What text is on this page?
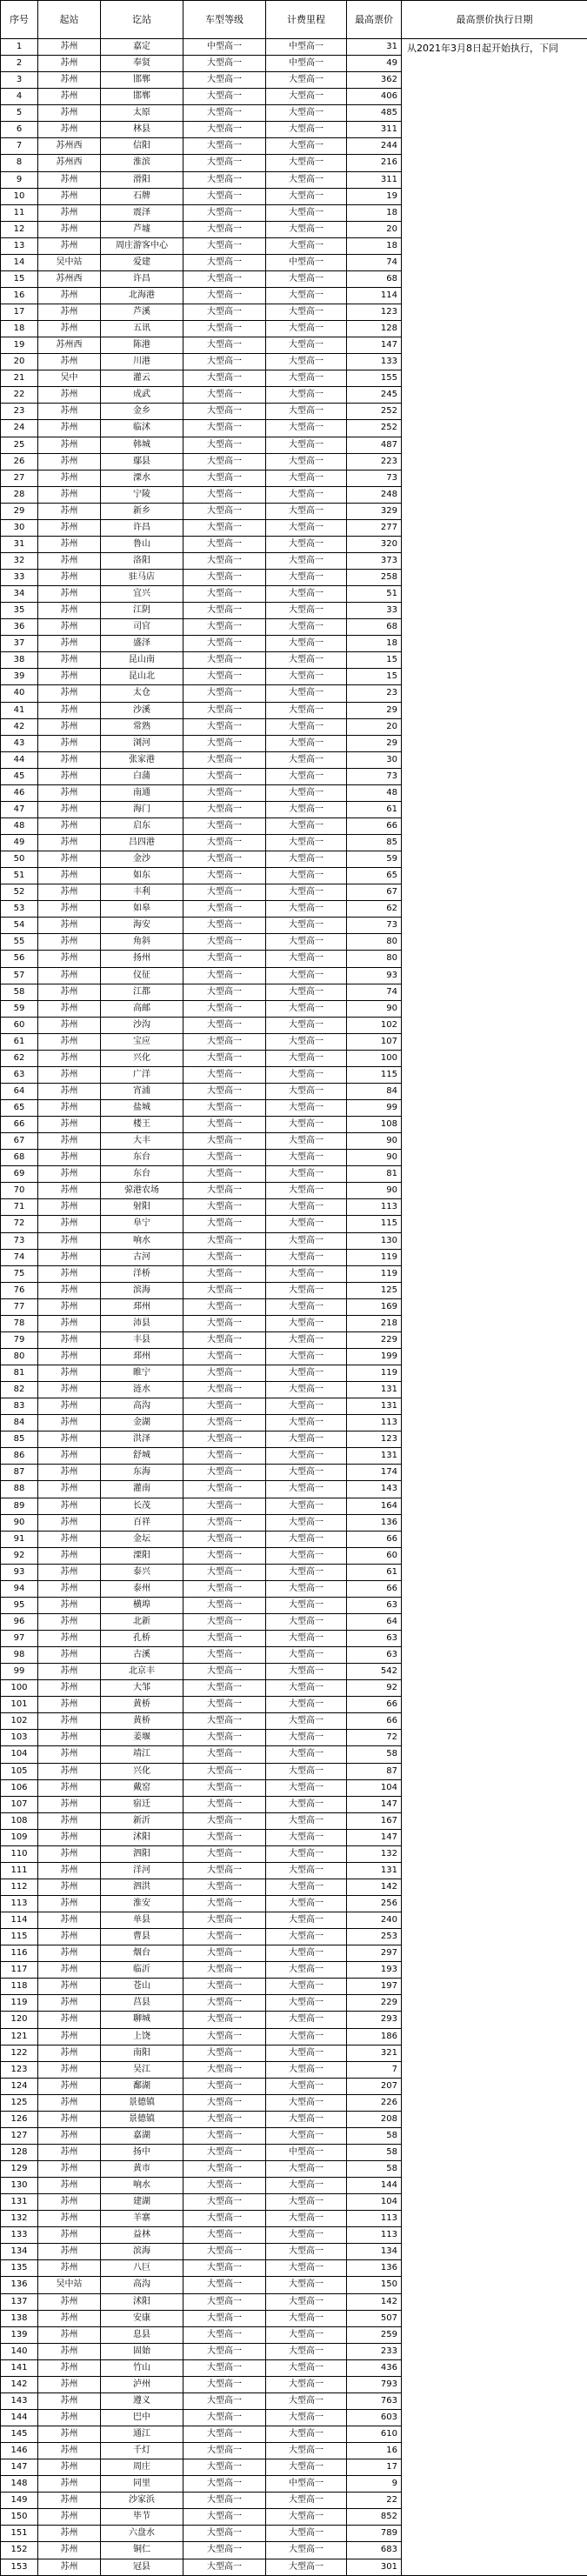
序号	起站	讫站	车型等级	计费里程	最高票价	最高票价执行日期
1	苏州	嘉定	中型高一	中型高一	31	从2021年3月8日起开始执行，下同
2	苏州	奉贤	大型高一	中型高一	49	
3	苏州	邯郸	大型高一	大型高一	362	
4	苏州	邯郸	大型高一	大型高一	406	
5	苏州	太原	大型高一	大型高一	485	
6	苏州	林县	大型高一	大型高一	311	
7	苏州西	信阳	大型高一	大型高一	244	
8	苏州西	淮滨	大型高一	大型高一	216	
9	苏州	滑阳	大型高一	大型高一	311	
10	苏州	石牌	大型高一	大型高一	19	
11	苏州	震泽	大型高一	大型高一	18	
12	苏州	芦墟	大型高一	大型高一	20	
13	苏州	周庄游客中心	大型高一	大型高一	18	
14	吴中站	爱建	大型高一	中型高一	74	
15	苏州西	许昌	大型高一	大型高一	68	
16	苏州	北海港	大型高一	大型高一	114	
17	苏州	芦溪	大型高一	大型高一	123	
18	苏州	五讯	大型高一	大型高一	128	
19	苏州西	陈港	大型高一	大型高一	147	
20	苏州	川港	大型高一	大型高一	133	
21	吴中	灌云	大型高一	大型高一	155	
22	苏州	成武	大型高一	大型高一	245	
23	苏州	金乡	大型高一	大型高一	252	
24	苏州	临沭	大型高一	大型高一	252	
25	苏州	韩城	大型高一	大型高一	487	
26	苏州	鄢县	大型高一	大型高一	223	
27	苏州	溧水	大型高一	大型高一	73	
28	苏州	宁陵	大型高一	大型高一	248	
29	苏州	新乡	大型高一	大型高一	329	
30	苏州	许昌	大型高一	大型高一	277	
31	苏州	鲁山	大型高一	大型高一	320	
32	苏州	洛阳	大型高一	大型高一	373	
33	苏州	驻马店	大型高一	大型高一	258	
34	苏州	宜兴	大型高一	大型高一	51	
35	苏州	江阴	大型高一	大型高一	33	
36	苏州	司官	大型高一	大型高一	68	
37	苏州	盛泽	大型高一	大型高一	18	
38	苏州	昆山南	大型高一	大型高一	15	
39	苏州	昆山北	大型高一	大型高一	15	
40	苏州	太仓	大型高一	大型高一	23	
41	苏州	沙溪	大型高一	大型高一	29	
42	苏州	常熟	大型高一	大型高一	20	
43	苏州	浏河	大型高一	大型高一	29	
44	苏州	张家港	大型高一	大型高一	30	
45	苏州	白蒲	大型高一	大型高一	73	
46	苏州	南通	大型高一	大型高一	48	
47	苏州	海门	大型高一	大型高一	61	
48	苏州	启东	大型高一	大型高一	66	
49	苏州	吕四港	大型高一	大型高一	85	
50	苏州	金沙	大型高一	大型高一	59	
51	苏州	如东	大型高一	大型高一	65	
52	苏州	丰利	大型高一	大型高一	67	
53	苏州	如皋	大型高一	大型高一	62	
54	苏州	海安	大型高一	大型高一	73	
55	苏州	角斜	大型高一	大型高一	80	
56	苏州	扬州	大型高一	大型高一	80	
57	苏州	仪征	大型高一	大型高一	93	
58	苏州	江都	大型高一	大型高一	74	
59	苏州	高邮	大型高一	大型高一	90	
60	苏州	沙沟	大型高一	大型高一	102	
61	苏州	宝应	大型高一	大型高一	107	
62	苏州	兴化	大型高一	大型高一	100	
63	苏州	广洋	大型高一	大型高一	115	
64	苏州	宵浦	大型高一	大型高一	84	
65	苏州	盐城	大型高一	大型高一	99	
66	苏州	楼王	大型高一	大型高一	108	
67	苏州	大丰	大型高一	大型高一	90	
68	苏州	东台	大型高一	大型高一	90	
69	苏州	东台	大型高一	大型高一	81	
70	苏州	弶港农场	大型高一	大型高一	90	
71	苏州	射阳	大型高一	大型高一	113	
72	苏州	阜宁	大型高一	大型高一	115	
73	苏州	响水	大型高一	大型高一	130	
74	苏州	古河	大型高一	大型高一	119	
75	苏州	洋桥	大型高一	大型高一	119	
76	苏州	滨海	大型高一	大型高一	125	
77	苏州	邳州	大型高一	大型高一	169	
78	苏州	沛县	大型高一	大型高一	218	
79	苏州	丰县	大型高一	大型高一	229	
80	苏州	邳州	大型高一	大型高一	199	
81	苏州	睢宁	大型高一	大型高一	119	
82	苏州	涟水	大型高一	大型高一	131	
83	苏州	高沟	大型高一	大型高一	131	
84	苏州	金湖	大型高一	大型高一	113	
85	苏州	洪泽	大型高一	大型高一	123	
86	苏州	舒城	大型高一	大型高一	131	
87	苏州	东海	大型高一	大型高一	174	
88	苏州	灌南	大型高一	大型高一	143	
89	苏州	长茂	大型高一	大型高一	164	
90	苏州	百祥	大型高一	大型高一	136	
91	苏州	金坛	大型高一	大型高一	66	
92	苏州	溧阳	大型高一	大型高一	60	
93	苏州	泰兴	大型高一	大型高一	61	
94	苏州	泰州	大型高一	大型高一	66	
95	苏州	横埠	大型高一	大型高一	63	
96	苏州	北新	大型高一	大型高一	64	
97	苏州	孔桥	大型高一	大型高一	63	
98	苏州	古溪	大型高一	大型高一	63	
99	苏州	北京丰	大型高一	大型高一	542	
100	苏州	大邹	大型高一	大型高一	92	
101	苏州	黄桥	大型高一	大型高一	66	
102	苏州	黄桥	大型高一	大型高一	66	
103	苏州	姜堰	大型高一	大型高一	72	
104	苏州	靖江	大型高一	大型高一	58	
105	苏州	兴化	大型高一	大型高一	87	
106	苏州	戴窑	大型高一	大型高一	104	
107	苏州	宿迁	大型高一	大型高一	147	
108	苏州	新沂	大型高一	大型高一	167	
109	苏州	沭阳	大型高一	大型高一	147	
110	苏州	泗阳	大型高一	大型高一	132	
111	苏州	洋河	大型高一	大型高一	131	
112	苏州	泗洪	大型高一	大型高一	142	
113	苏州	淮安	大型高一	大型高一	256	
114	苏州	单县	大型高一	大型高一	240	
115	苏州	曹县	大型高一	大型高一	253	
116	苏州	烟台	大型高一	大型高一	297	
117	苏州	临沂	大型高一	大型高一	193	
118	苏州	苍山	大型高一	大型高一	197	
119	苏州	莒县	大型高一	大型高一	229	
120	苏州	聊城	大型高一	大型高一	293	
121	苏州	上饶	大型高一	大型高一	186	
122	苏州	南阳	大型高一	大型高一	321	
123	苏州	吴江	大型高一	大型高一	7	
124	苏州	鄱湖	大型高一	大型高一	207	
125	苏州	景德镇	大型高一	大型高一	226	
126	苏州	景德镇	大型高一	大型高一	208	
127	苏州	嘉湖	大型高一	大型高一	58	
128	苏州	扬中	大型高一	中型高一	58	
129	苏州	黄市	大型高一	大型高一	58	
130	苏州	响水	大型高一	大型高一	144	
131	苏州	建湖	大型高一	大型高一	104	
132	苏州	羊寨	大型高一	大型高一	113	
133	苏州	益林	大型高一	大型高一	113	
134	苏州	滨海	大型高一	大型高一	134	
135	苏州	八巨	大型高一	大型高一	136	
136	吴中站	高沟	大型高一	大型高一	150	
137	苏州	沭阳	大型高一	大型高一	142	
138	苏州	安康	大型高一	大型高一	507	
139	苏州	息县	大型高一	大型高一	259	
140	苏州	固始	大型高一	大型高一	233	
141	苏州	竹山	大型高一	大型高一	436	
142	苏州	泸州	大型高一	大型高一	793	
143	苏州	遵义	大型高一	大型高一	763	
144	苏州	巴中	大型高一	大型高一	603	
145	苏州	通江	大型高一	大型高一	610	
146	苏州	千灯	大型高一	大型高一	16	
147	苏州	周庄	大型高一	大型高一	17	
148	苏州	同里	大型高一	中型高一	9	
149	苏州	沙家浜	大型高一	大型高一	22	
150	苏州	毕节	大型高一	大型高一	852	
151	苏州	六盘水	大型高一	大型高一	789	
152	苏州	铜仁	大型高一	大型高一	683	
153	苏州	冠县	大型高一	大型高一	301	
